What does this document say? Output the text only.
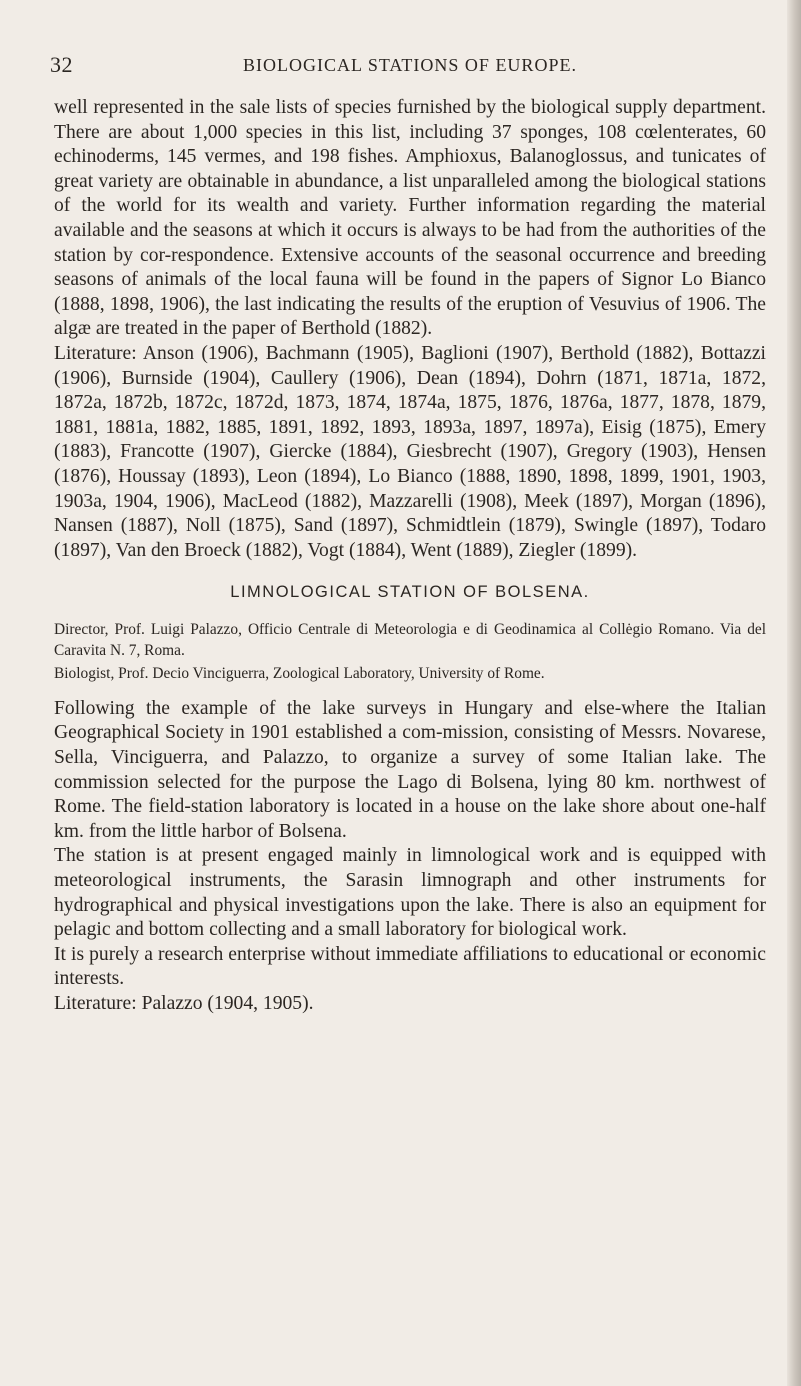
32	BIOLOGICAL STATIONS OF EUROPE.

well represented in the sale lists of species furnished by the biological supply department. There are about 1,000 species in this list, including 37 sponges, 108 cœlenterates, 60 echinoderms, 145 vermes, and 198 fishes. Amphioxus, Balanoglossus, and tunicates of great variety are obtainable in abundance, a list unparalleled among the biological stations of the world for its wealth and variety. Further information regarding the material available and the seasons at which it occurs is always to be had from the authorities of the station by cor-respondence. Extensive accounts of the seasonal occurrence and breeding seasons of animals of the local fauna will be found in the papers of Signor Lo Bianco (1888, 1898, 1906), the last indicating the results of the eruption of Vesuvius of 1906. The algæ are treated in the paper of Berthold (1882).

Literature: Anson (1906), Bachmann (1905), Baglioni (1907), Berthold (1882), Bottazzi (1906), Burnside (1904), Caullery (1906), Dean (1894), Dohrn (1871, 1871a, 1872, 1872a, 1872b, 1872c, 1872d, 1873, 1874, 1874a, 1875, 1876, 1876a, 1877, 1878, 1879, 1881, 1881a, 1882, 1885, 1891, 1892, 1893, 1893a, 1897, 1897a), Eisig (1875), Emery (1883), Francotte (1907), Giercke (1884), Giesbrecht (1907), Gregory (1903), Hensen (1876), Houssay (1893), Leon (1894), Lo Bianco (1888, 1890, 1898, 1899, 1901, 1903, 1903a, 1904, 1906), MacLeod (1882), Mazzarelli (1908), Meek (1897), Morgan (1896), Nansen (1887), Noll (1875), Sand (1897), Schmidtlein (1879), Swingle (1897), Todaro (1897), Van den Broeck (1882), Vogt (1884), Went (1889), Ziegler (1899).

LIMNOLOGICAL STATION OF BOLSENA.

Director, Prof. Luigi Palazzo, Officio Centrale di Meteorologia e di Geodinamica al Collėgio Romano. Via del Caravita N. 7, Roma.

Biologist, Prof. Decio Vinciguerra, Zoological Laboratory, University of Rome.

Following the example of the lake surveys in Hungary and else-where the Italian Geographical Society in 1901 established a com-mission, consisting of Messrs. Novarese, Sella, Vinciguerra, and Palazzo, to organize a survey of some Italian lake. The commission selected for the purpose the Lago di Bolsena, lying 80 km. northwest of Rome. The field-station laboratory is located in a house on the lake shore about one-half km. from the little harbor of Bolsena.

The station is at present engaged mainly in limnological work and is equipped with meteorological instruments, the Sarasin limnograph and other instruments for hydrographical and physical investigations upon the lake. There is also an equipment for pelagic and bottom collecting and a small laboratory for biological work.

It is purely a research enterprise without immediate affiliations to educational or economic interests.

Literature: Palazzo (1904, 1905).
